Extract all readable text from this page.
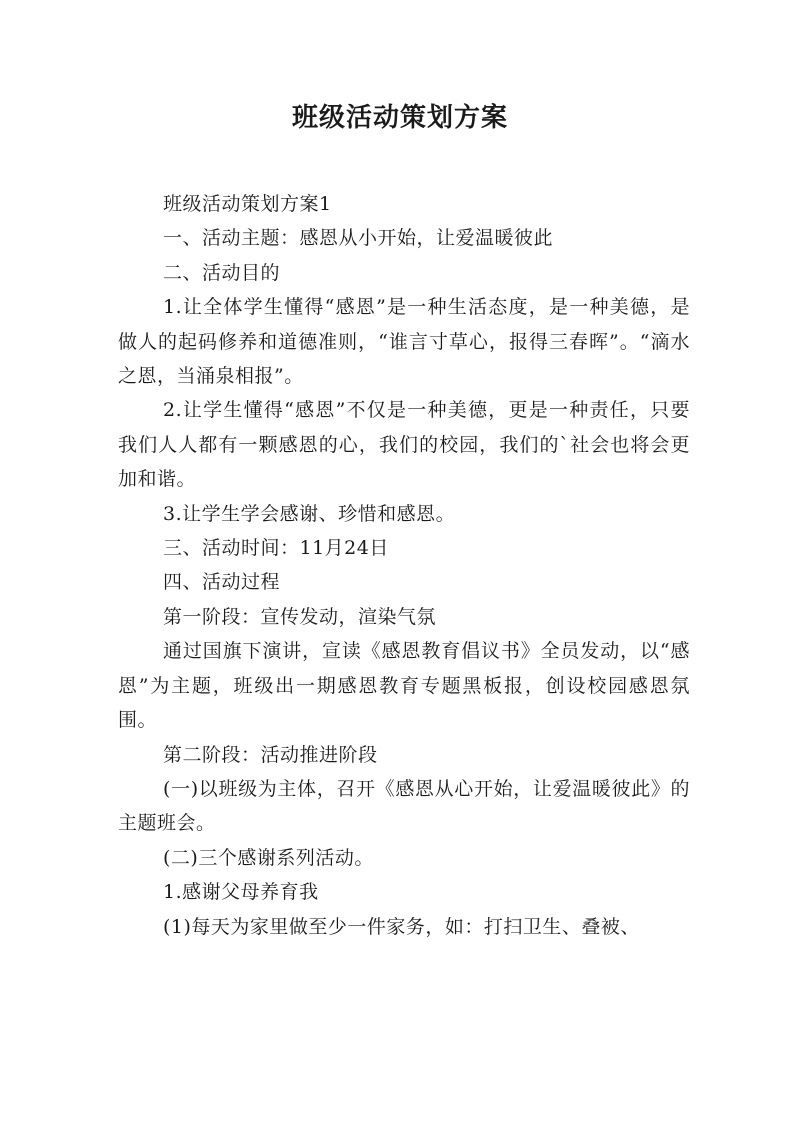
班级活动策划方案

班级活动策划方案1

一、活动主题：感恩从小开始，让爱温暖彼此

二、活动目的

1.让全体学生懂得“感恩”是一种生活态度，是一种美德，是做人的起码修养和道德准则，“谁言寸草心，报得三春晖”。“滴水之恩，当涌泉相报”。

2.让学生懂得“感恩”不仅是一种美德，更是一种责任，只要我们人人都有一颗感恩的心，我们的校园，我们的`社会也将会更加和谐。

3.让学生学会感谢、珍惜和感恩。

三、活动时间：11月24日

四、活动过程

第一阶段：宣传发动，渲染气氛

通过国旗下演讲，宣读《感恩教育倡议书》全员发动，以“感恩”为主题，班级出一期感恩教育专题黑板报，创设校园感恩氛围。

第二阶段：活动推进阶段

(一)以班级为主体，召开《感恩从心开始，让爱温暖彼此》的主题班会。

(二)三个感谢系列活动。

1.感谢父母养育我

(1)每天为家里做至少一件家务，如：打扫卫生、叠被、
